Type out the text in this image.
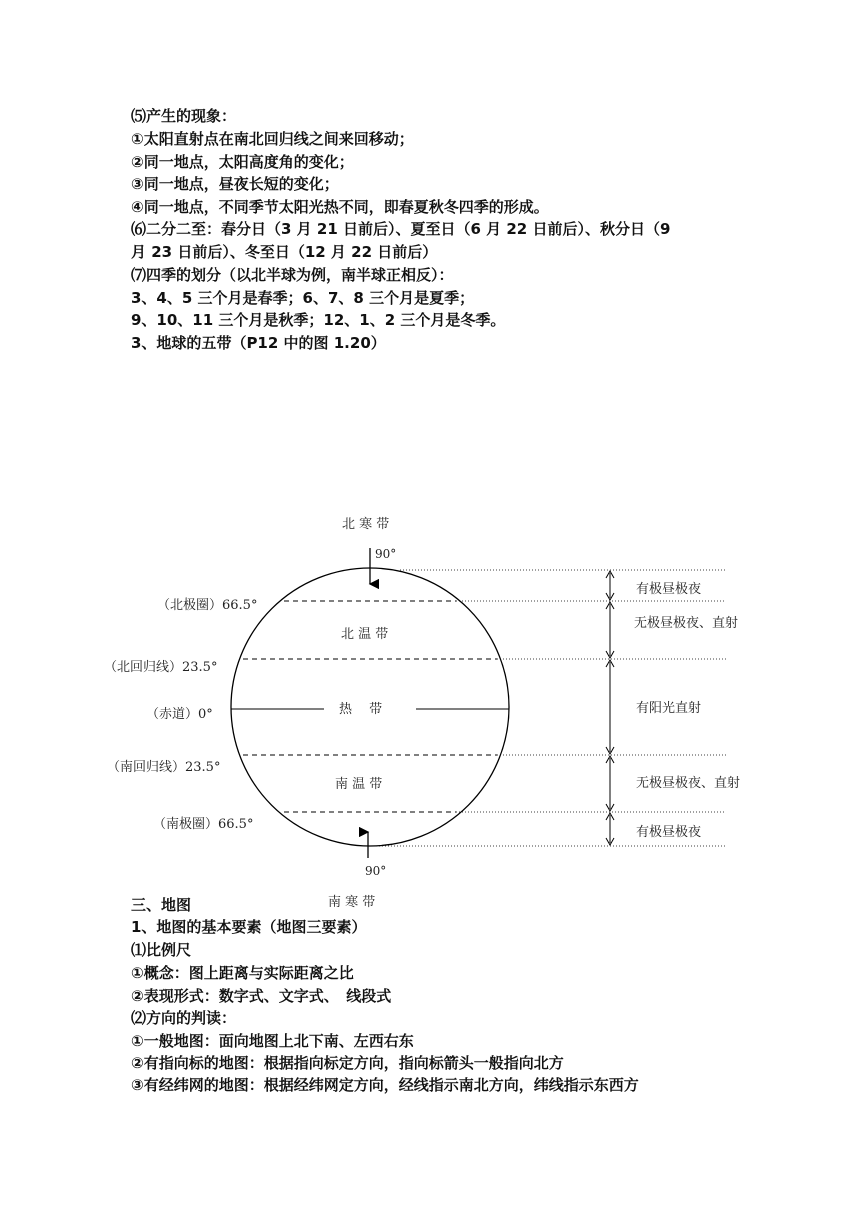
⑸产生的现象：
①太阳直射点在南北回归线之间来回移动；
②同一地点，太阳高度角的变化；
③同一地点，昼夜长短的变化；
④同一地点，不同季节太阳光热不同，即春夏秋冬四季的形成。
⑹二分二至：春分日（3 月 21 日前后）、夏至日（6 月 22 日前后）、秋分日（9
月 23 日前后）、冬至日（12 月 22 日前后）
⑺四季的划分（以北半球为例，南半球正相反）：
3、4、5 三个月是春季；6、7、8 三个月是夏季；
9、10、11 三个月是秋季；12、1、2 三个月是冬季。
3、地球的五带（P12 中的图 1.20）
北 寒 带
90°
（北极圈）66.5°
北 温 带
（北回归线）23.5°
（赤道）0°	热　 带
（南回归线）23.5°
南 温 带
（南极圈）66.5°
90°
南 寒 带
有极昼极夜
无极昼极夜、直射
有阳光直射
无极昼极夜、直射
有极昼极夜
三、地图
1、地图的基本要素（地图三要素）
⑴比例尺
①概念：图上距离与实际距离之比
②表现形式：数字式、文字式、　线段式
⑵方向的判读：
①一般地图：面向地图上北下南、左西右东
②有指向标的地图：根据指向标定方向，指向标箭头一般指向北方
③有经纬网的地图：根据经纬网定方向，经线指示南北方向，纬线指示东西方
